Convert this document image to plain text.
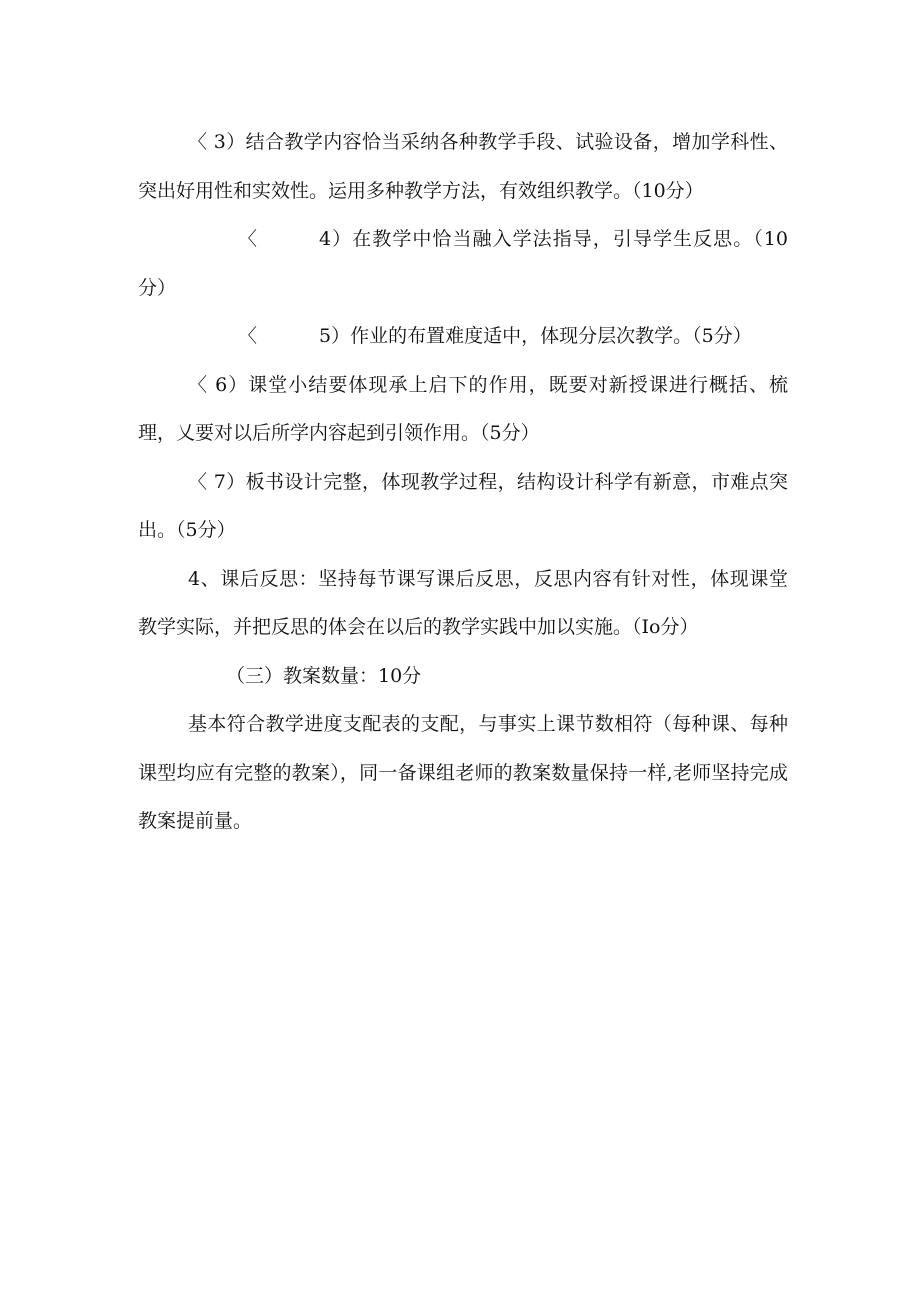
〈 3）结合教学内容恰当采纳各种教学手段、试验设备，增加学科性、突出好用性和实效性。运用多种教学方法，有效组织教学。（10分）

〈	4）在教学中恰当融入学法指导，引导学生反思。（10分）

〈	5）作业的布置难度适中，体现分层次教学。（5分）

〈 6）课堂小结要体现承上启下的作用，既要对新授课进行概括、梳理，乂要对以后所学内容起到引领作用。（5分）

〈 7）板书设计完整，体现教学过程，结构设计科学有新意，市难点突出。（5分）

4、课后反思：坚持每节课写课后反思，反思内容有针对性，体现课堂教学实际，并把反思的体会在以后的教学实践中加以实施。（Io分）

（三）教案数量：10分

基本符合教学进度支配表的支配，与事实上课节数相符（每种课、每种课型均应有完整的教案），同一备课组老师的教案数量保持一样,老师坚持完成教案提前量。
